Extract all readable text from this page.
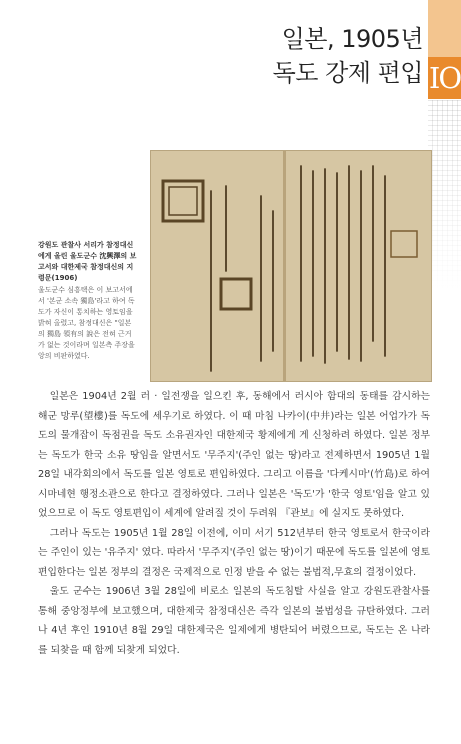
IO
일본, 1905년
독도 강제 편입
강원도 관찰사 서리가 참정대신에게 올린 울도군수 沈興澤의 보고서와 대한제국 참정대신의 지령문(1906)
울도군수 심흥택은 이 보고서에서 '본군 소속 獨島'라고 하여 독도가 자신이 통치하는 영토임을 밝혀 올렸고, 참정대신은 "일본의 獨島 領有의 說은 전혀 근거가 없는 것이라며 일본측 주장을 앙의 비판하였다.

일본은 1904년 2월 러 · 일전쟁을 일으킨 후, 동해에서 러시아 함대의 동태를 감시하는 해군 망루(望樓)를 독도에 세우기로 하였다. 이 때 마침 나카이(中井)라는 일본 어업가가 독도의 물개잡이 독점권을 독도 소유권자인 대한제국 황제에게 게 신청하려 하였다. 일본 정부는 독도가 한국 소유 땅임을 알면서도 '무주지'(주인 없는 땅)라고 전제하면서 1905년 1월 28일 내각회의에서 독도를 일본 영토로 편입하였다. 그리고 이름을 '다케시마'(竹島)로 하여 시마네현 행정소관으로 한다고 결정하였다. 그러나 일본은 '독도'가 '한국 영토'임을 알고 있었으므로 이 독도 영토편입이 세계에 알려질 것이 두려워 『관보』에 실지도 못하였다.

그러나 독도는 1905년 1월 28일 이전에, 이미 서기 512년부터 한국 영토로서 한국이라는 주인이 있는 '유주지' 였다. 따라서 '무주지'(주인 없는 땅)이기 때문에 독도를 일본에 영토편입한다는 일본 정부의 결정은 국제적으로 인정 받을 수 없는 불법적,무효의 결정이었다.

울도 군수는 1906년 3월 28일에 비로소 일본의 독도침탈 사실을 알고 강원도관찰사를 통해 중앙정부에 보고했으며, 대한제국 참정대신은 즉각 일본의 불법성을 규탄하였다. 그러나 4년 후인 1910년 8월 29일 대한제국은 일제에게 병탄되어 버렸으므로, 독도는 온 나라를 되찾을 때 함께 되찾게 되었다.
